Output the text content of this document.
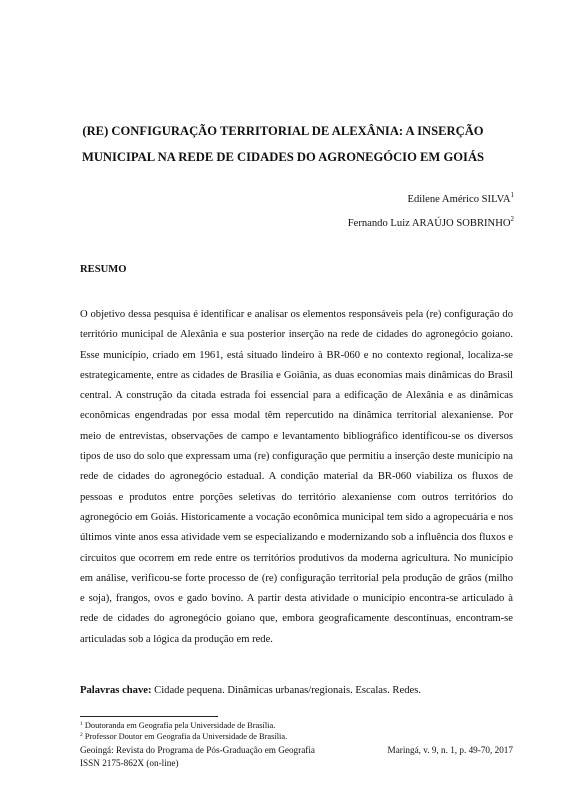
(RE) CONFIGURAÇÃO TERRITORIAL DE ALEXÂNIA: A INSERÇÃO MUNICIPAL NA REDE DE CIDADES DO AGRONEGÓCIO EM GOIÁS
Edilene Américo SILVA$^1$
Fernando Luiz ARAÚJO SOBRINHO$^2$
RESUMO

O objetivo dessa pesquisa é identificar e analisar os elementos responsáveis pela (re) configuração do território municipal de Alexânia e sua posterior inserção na rede de cidades do agronegócio goiano. Esse município, criado em 1961, está situado lindeiro à BR-060 e no contexto regional, localiza-se estrategicamente, entre as cidades de Brasília e Goiânia, as duas economias mais dinâmicas do Brasil central. A construção da citada estrada foi essencial para a edificação de Alexânia e as dinâmicas econômicas engendradas por essa modal têm repercutido na dinâmica territorial alexaniense. Por meio de entrevistas, observações de campo e levantamento bibliográfico identificou-se os diversos tipos de uso do solo que expressam uma (re) configuração que permitiu a inserção deste município na rede de cidades do agronegócio estadual. A condição material da BR-060 viabiliza os fluxos de pessoas e produtos entre porções seletivas do território alexaniense com outros territórios do agronegócio em Goiás. Historicamente a vocação econômica municipal tem sido a agropecuária e nos últimos vinte anos essa atividade vem se especializando e modernizando sob a influência dos fluxos e circuitos que ocorrem em rede entre os territórios produtivos da moderna agricultura. No município em análise, verificou-se forte processo de (re) configuração territorial pela produção de grãos (milho e soja), frangos, ovos e gado bovino. A partir desta atividade o município encontra-se articulado à rede de cidades do agronegócio goiano que, embora geograficamente descontínuas, encontram-se articuladas sob a lógica da produção em rede.

Palavras chave: Cidade pequena. Dinâmicas urbanas/regionais. Escalas. Redes.
$^1$ Doutoranda em Geografia pela Universidade de Brasília.
$^2$ Professor Doutor em Geografia da Universidade de Brasília.
Geoingá: Revista do Programa de Pós-Graduação em Geografia	Maringá, v. 9, n. 1, p. 49-70, 2017
ISSN 2175-862X (on-line)
